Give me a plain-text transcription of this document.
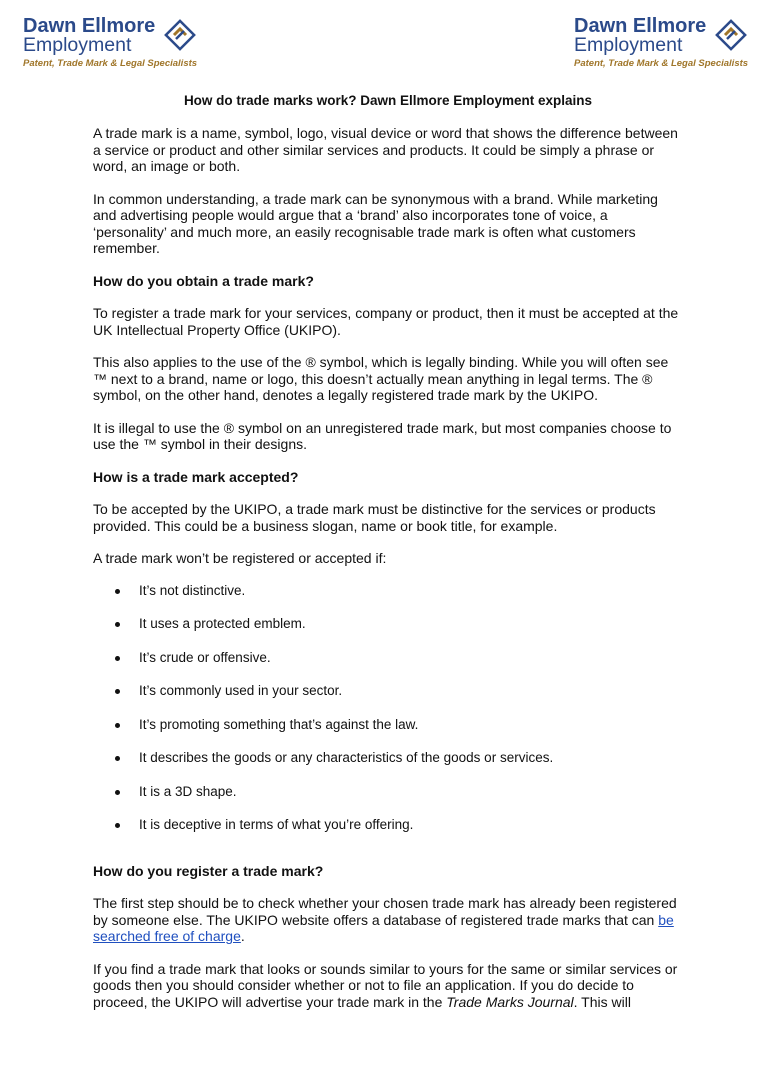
Dawn Ellmore
Employment
Patent, Trade Mark & Legal Specialists
Dawn Ellmore
Employment
Patent, Trade Mark & Legal Specialists
How do trade marks work? Dawn Ellmore Employment explains

A trade mark is a name, symbol, logo, visual device or word that shows the difference between a service or product and other similar services and products. It could be simply a phrase or word, an image or both.

In common understanding, a trade mark can be synonymous with a brand. While marketing and advertising people would argue that a ‘brand’ also incorporates tone of voice, a ‘personality’ and much more, an easily recognisable trade mark is often what customers remember.

How do you obtain a trade mark?

To register a trade mark for your services, company or product, then it must be accepted at the UK Intellectual Property Office (UKIPO).

This also applies to the use of the ® symbol, which is legally binding. While you will often see ™ next to a brand, name or logo, this doesn’t actually mean anything in legal terms. The ® symbol, on the other hand, denotes a legally registered trade mark by the UKIPO.

It is illegal to use the ® symbol on an unregistered trade mark, but most companies choose to use the ™ symbol in their designs.

How is a trade mark accepted?

To be accepted by the UKIPO, a trade mark must be distinctive for the services or products provided. This could be a business slogan, name or book title, for example.

A trade mark won’t be registered or accepted if:

It’s not distinctive.
It uses a protected emblem.
It’s crude or offensive.
It’s commonly used in your sector.
It’s promoting something that’s against the law.
It describes the goods or any characteristics of the goods or services.
It is a 3D shape.
It is deceptive in terms of what you’re offering.
How do you register a trade mark?

The first step should be to check whether your chosen trade mark has already been registered by someone else. The UKIPO website offers a database of registered trade marks that can be searched free of charge.

If you find a trade mark that looks or sounds similar to yours for the same or similar services or goods then you should consider whether or not to file an application. If you do decide to proceed, the UKIPO will advertise your trade mark in the Trade Marks Journal. This will
